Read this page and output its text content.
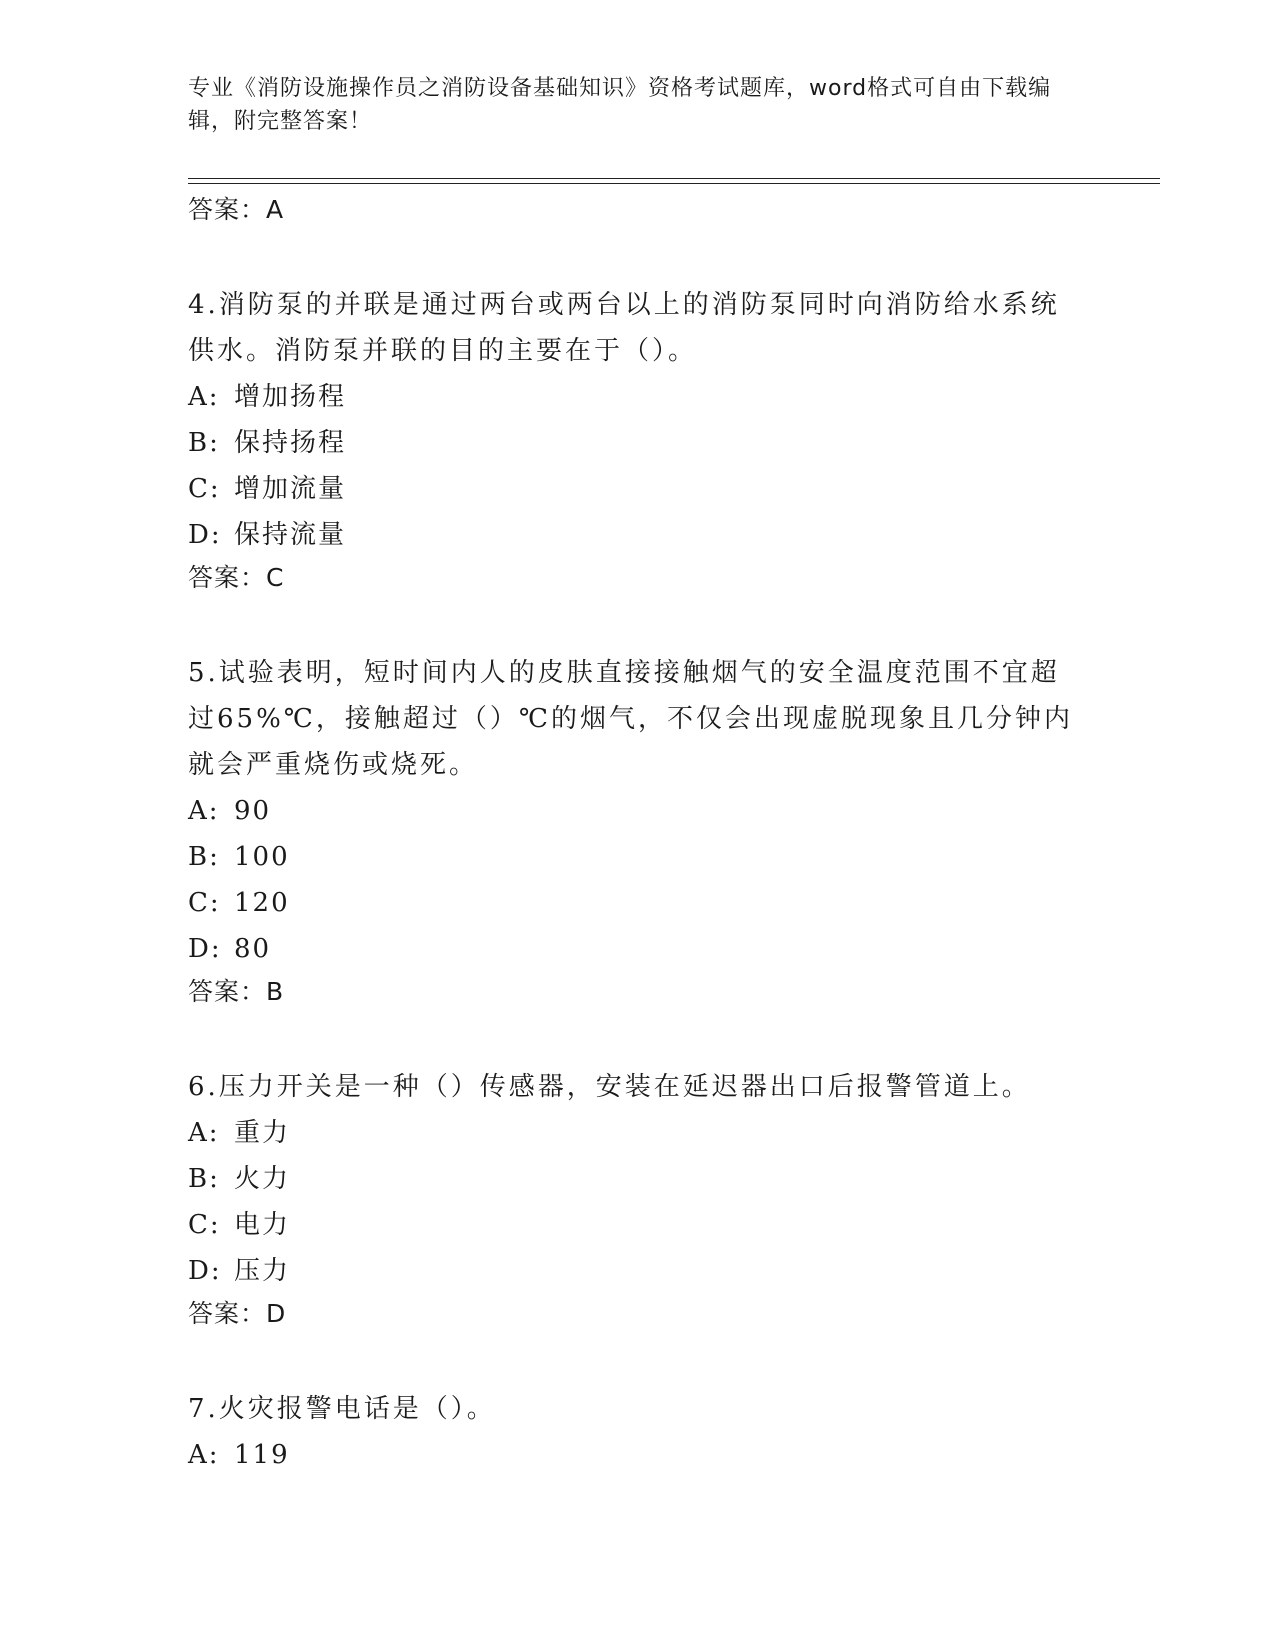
专业《消防设施操作员之消防设备基础知识》资格考试题库，word格式可自由下载编辑，附完整答案！
答案：A
4.消防泵的并联是通过两台或两台以上的消防泵同时向消防给水系统供水。消防泵并联的目的主要在于（）。
A: 增加扬程
B: 保持扬程
C: 增加流量
D: 保持流量
答案：C
5.试验表明，短时间内人的皮肤直接接触烟气的安全温度范围不宜超过65%℃，接触超过（）℃的烟气，不仅会出现虚脱现象且几分钟内就会严重烧伤或烧死。
A: 90
B: 100
C: 120
D: 80
答案：B
6.压力开关是一种（）传感器，安装在延迟器出口后报警管道上。
A: 重力
B: 火力
C: 电力
D: 压力
答案：D
7.火灾报警电话是（）。
A: 119
